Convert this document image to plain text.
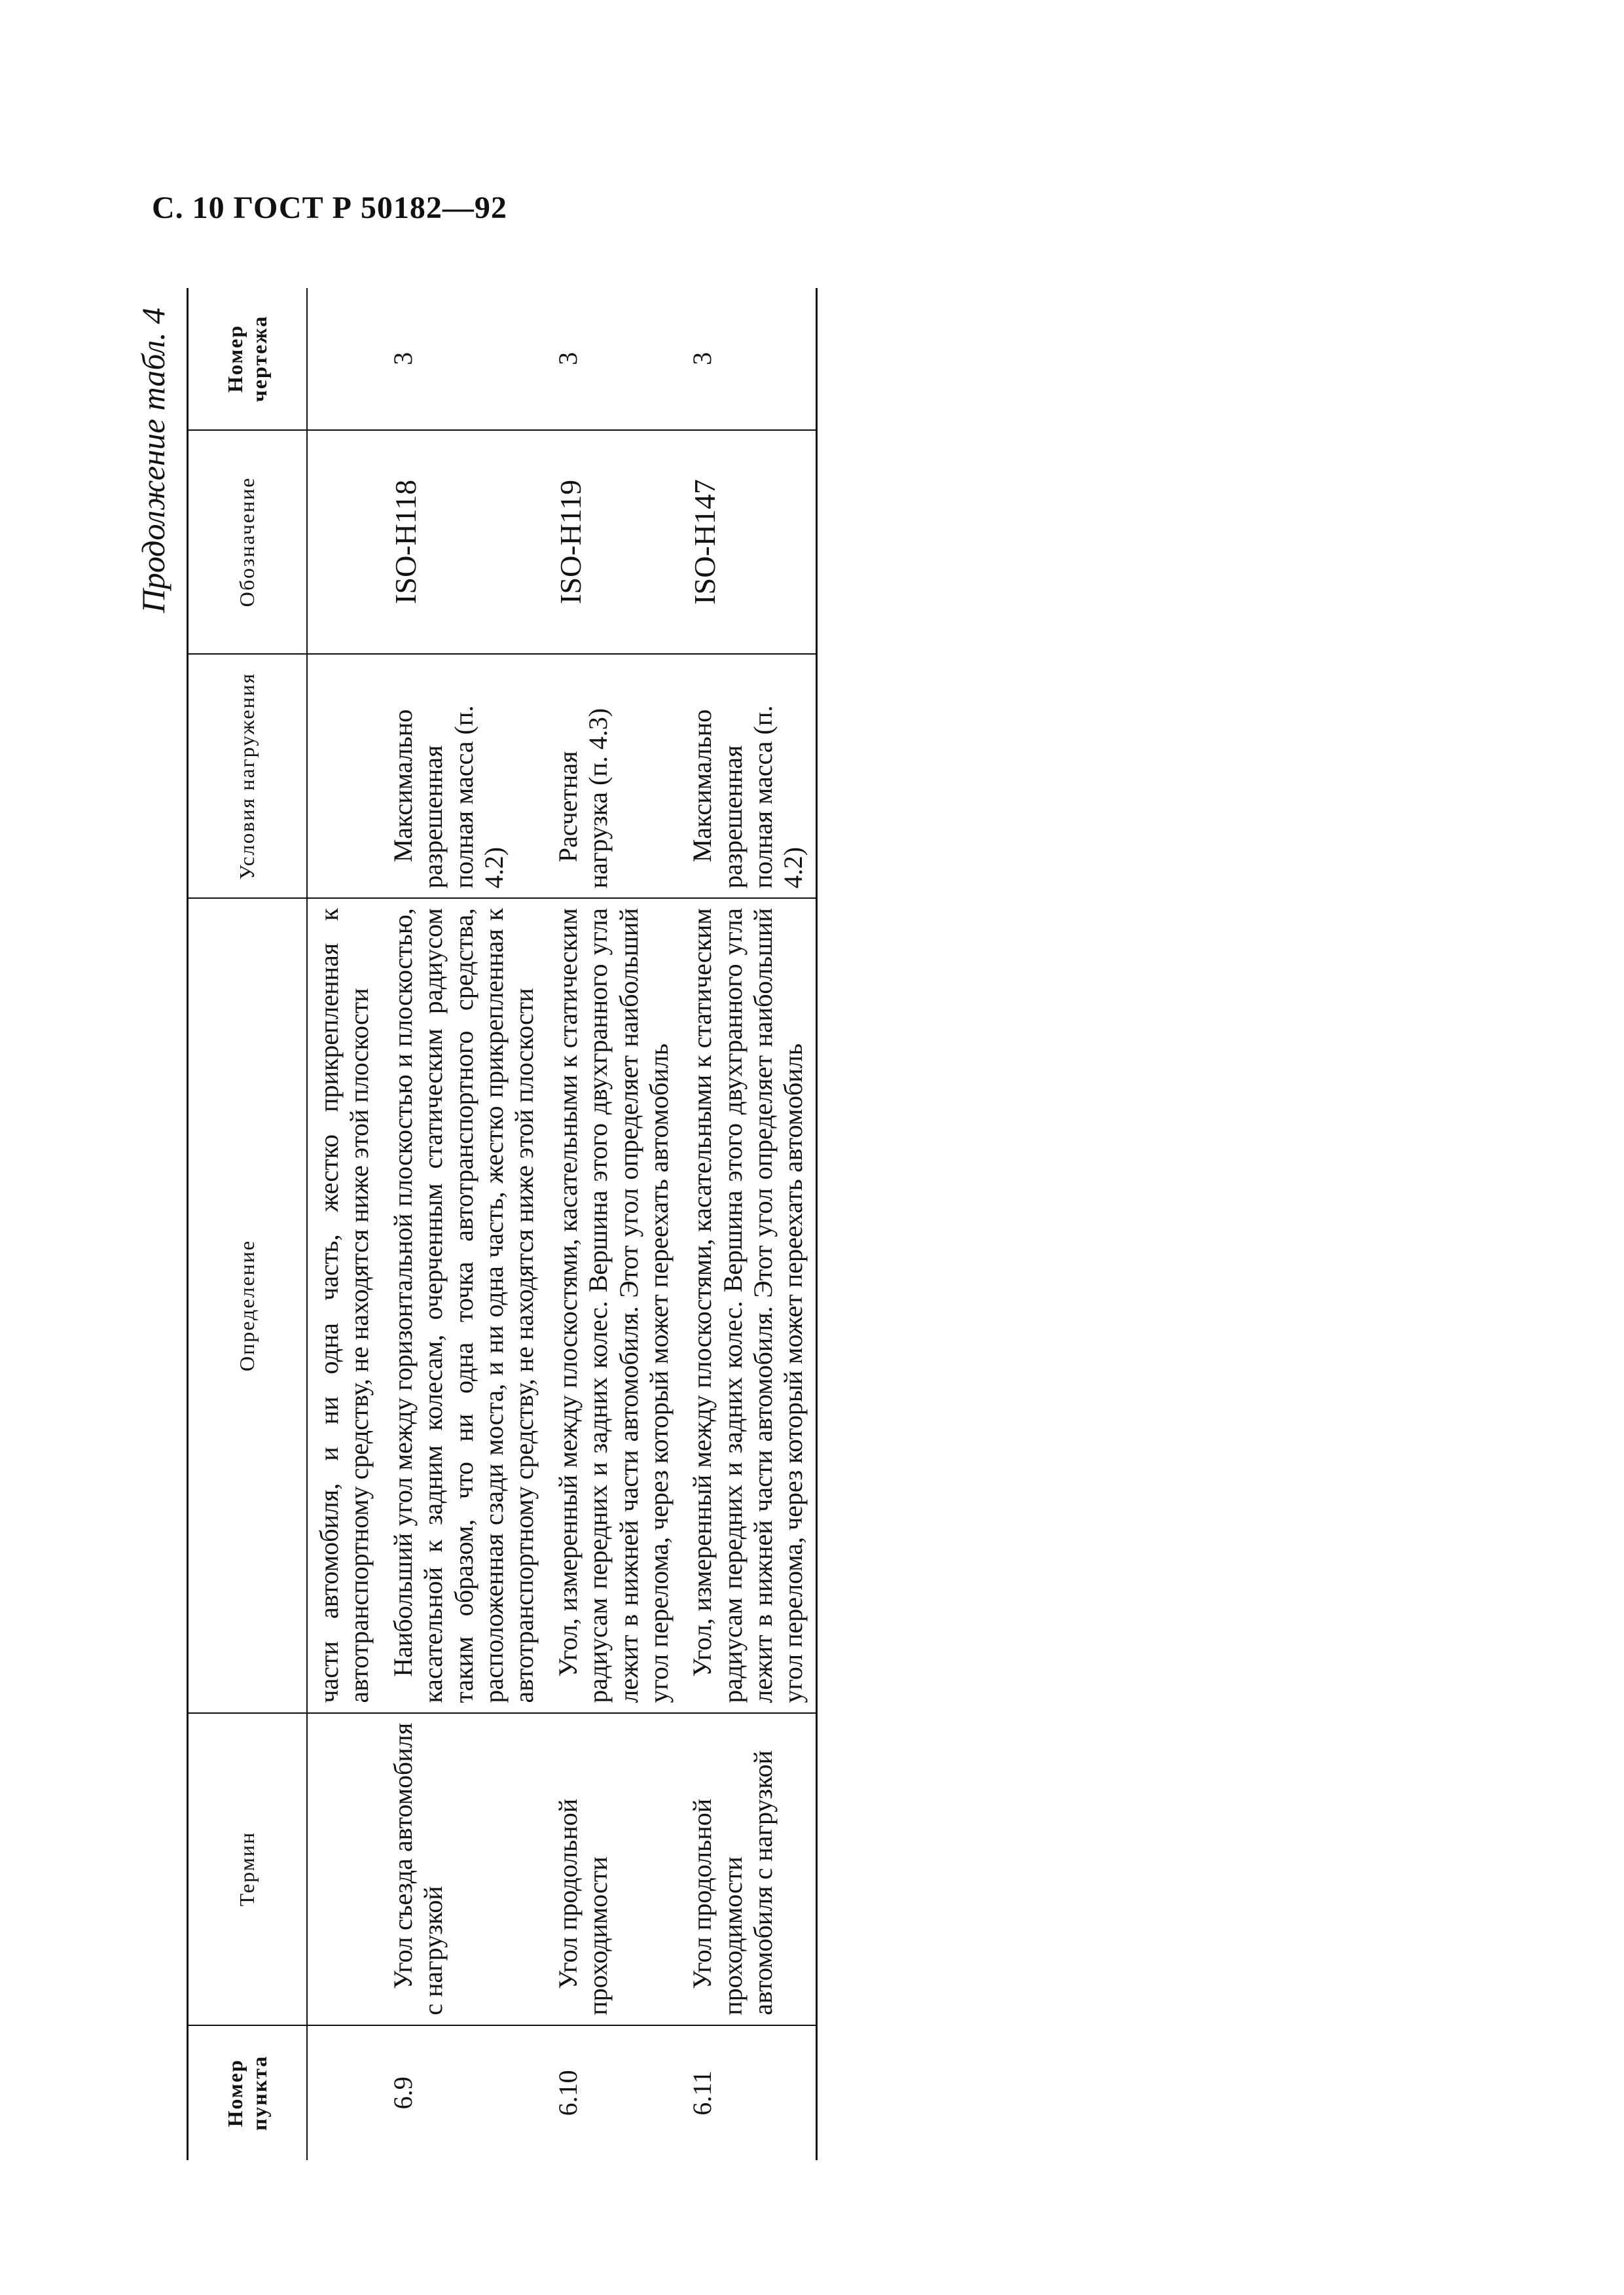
С. 10 ГОСТ Р 50182—92
Продолжение табл. 4
Номер пункта	Термин	Определение	Условия нагружения	Обозначение	Номер чертежа

		части автомобиля, и ни одна часть, жестко прикрепленная к автотранспортному средству, не находятся ниже этой плоскости			

6.9	Угол съезда автомобиля с нагрузкой	Наибольший угол между горизонтальной плоскостью и плоскостью, касательной к задним колесам, очерченным статическим радиусом таким образом, что ни одна точка автотранспортного средства, расположенная сзади моста, и ни одна часть, жестко прикрепленная к автотранспортному средству, не находятся ниже этой плоскости	Максимально разрешенная полная масса (п. 4.2)	ISO-H118	3
6.10	Угол продольной проходимости	Угол, измеренный между плоскостями, касательными к статическим радиусам передних и задних колес. Вершина этого двухгранного угла лежит в нижней части автомобиля. Этот угол определяет наибольший угол перелома, через который может переехать автомобиль	Расчетная нагрузка (п. 4.3)	ISO-H119	3
6.11	Угол продольной проходимости автомобиля с нагрузкой	Угол, измеренный между плоскостями, касательными к статическим радиусам передних и задних колес. Вершина этого двухгранного угла лежит в нижней части автомобиля. Этот угол определяет наибольший угол перелома, через который может переехать автомобиль	Максимально разрешенная полная масса (п. 4.2)	ISO-H147	3
